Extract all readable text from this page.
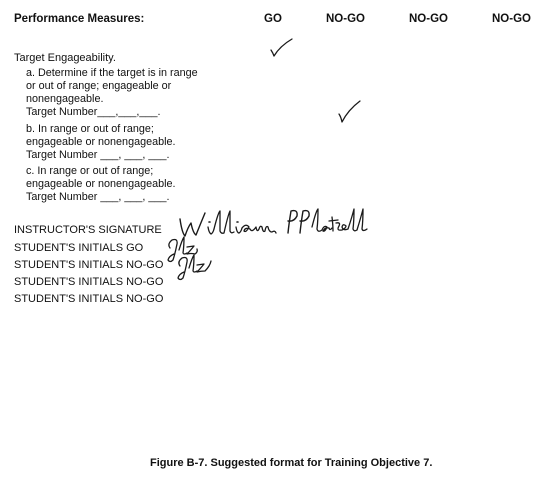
Performance Measures:	GO	NO-GO	NO-GO	NO-GO
Target Engageability.
a. Determine if the target is in range
or out of range; engageable or
nonengageable.
Target Number___,___,___.
b. In range or out of range;
engageable or nonengageable.
Target Number ___, ___, ___.
c. In range or out of range;
engageable or nonengageable.
Target Number ___, ___, ___.
INSTRUCTOR'S SIGNATURE
STUDENT'S INITIALS GO
STUDENT'S INITIALS NO-GO
STUDENT'S INITIALS NO-GO
STUDENT'S INITIALS NO-GO
Figure B-7. Suggested format for Training Objective 7.
